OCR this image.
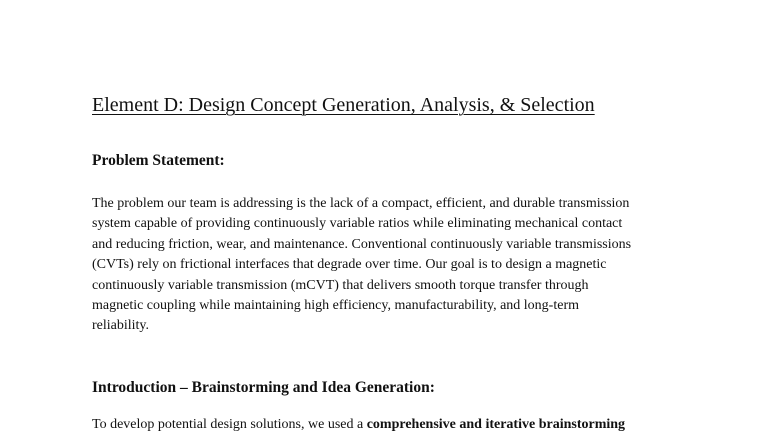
Element D: Design Concept Generation, Analysis, & Selection
Problem Statement:

The problem our team is addressing is the lack of a compact, efficient, and durable transmission
system capable of providing continuously variable ratios while eliminating mechanical contact
and reducing friction, wear, and maintenance. Conventional continuously variable transmissions
(CVTs) rely on frictional interfaces that degrade over time. Our goal is to design a magnetic
continuously variable transmission (mCVT) that delivers smooth torque transfer through
magnetic coupling while maintaining high efficiency, manufacturability, and long-term
reliability.

Introduction – Brainstorming and Idea Generation:

To develop potential design solutions, we used a comprehensive and iterative brainstorming
